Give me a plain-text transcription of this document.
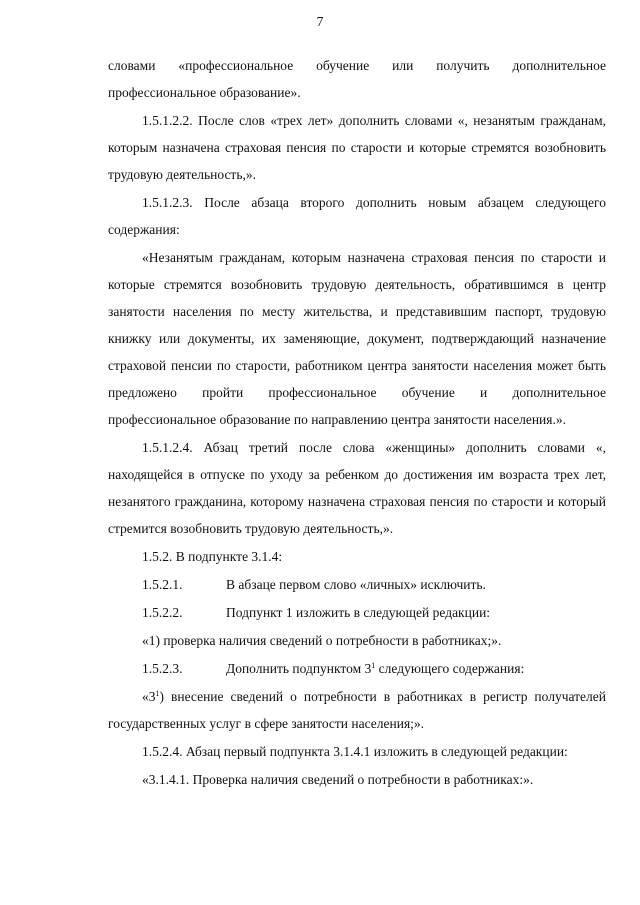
7

словами «профессиональное обучение или получить дополнительное профессиональное образование».

1.5.1.2.2. После слов «трех лет» дополнить словами «, незанятым гражданам, которым назначена страховая пенсия по старости и которые стремятся возобновить трудовую деятельность,».

1.5.1.2.3. После абзаца второго дополнить новым абзацем следующего содержания:

«Незанятым гражданам, которым назначена страховая пенсия по старости и которые стремятся возобновить трудовую деятельность, обратившимся в центр занятости населения по месту жительства, и представившим паспорт, трудовую книжку или документы, их заменяющие, документ, подтверждающий назначение страховой пенсии по старости, работником центра занятости населения может быть предложено пройти профессиональное обучение и дополнительное профессиональное образование по направлению центра занятости населения.».

1.5.1.2.4. Абзац третий после слова «женщины» дополнить словами «, находящейся в отпуске по уходу за ребенком до достижения им возраста трех лет, незанятого гражданина, которому назначена страховая пенсия по старости и который стремится возобновить трудовую деятельность,».

1.5.2. В подпункте 3.1.4:

1.5.2.1.	В абзаце первом слово «личных» исключить.

1.5.2.2.	Подпункт 1 изложить в следующей редакции:

«1) проверка наличия сведений о потребности в работниках;».

1.5.2.3.	Дополнить подпунктом $3^1$ следующего содержания:

«$3^1$) внесение сведений о потребности в работниках в регистр получателей государственных услуг в сфере занятости населения;».

1.5.2.4. Абзац первый подпункта 3.1.4.1 изложить в следующей редакции:

«3.1.4.1. Проверка наличия сведений о потребности в работниках:».
